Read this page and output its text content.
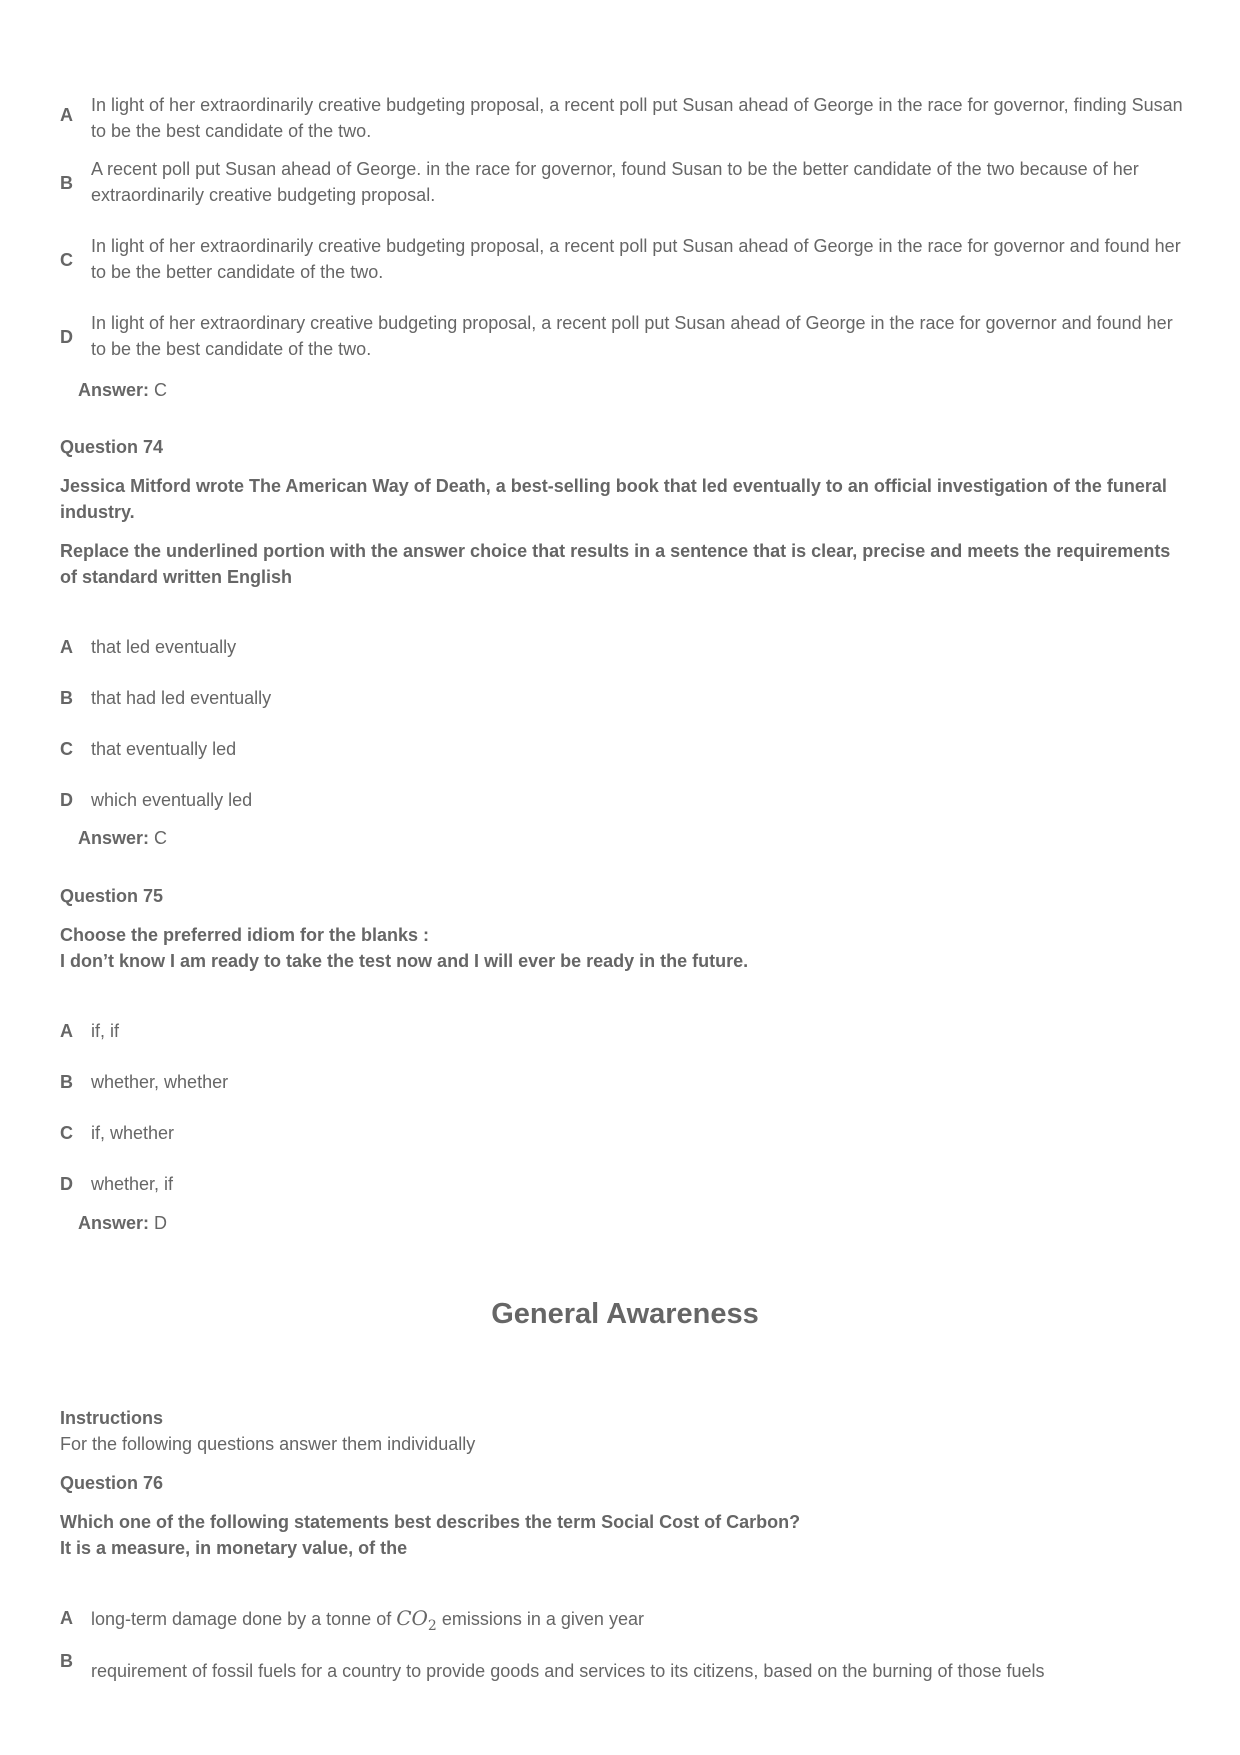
A	In light of her extraordinarily creative budgeting proposal, a recent poll put Susan ahead of George in the race for governor, finding Susan to be the best candidate of the two.
B
A recent poll put Susan ahead of George. in the race for governor, found Susan to be the better candidate of the two because of her extraordinarily creative budgeting proposal.
C
In light of her extraordinarily creative budgeting proposal, a recent poll put Susan ahead of George in the race for governor and found her to be the better candidate of the two.
D
In light of her extraordinary creative budgeting proposal, a recent poll put Susan ahead of George in the race for governor and found her to be the best candidate of the two.
Answer: C
Question 74
Jessica Mitford wrote The American Way of Death, a best-selling book that led eventually to an official investigation of the funeral industry.
Replace the underlined portion with the answer choice that results in a sentence that is clear, precise and meets the requirements of standard written English
A	that led eventually
B	that had led eventually
C	that eventually led
D	which eventually led
Answer: C
Question 75
Choose the preferred idiom for the blanks :
I don’t know I am ready to take the test now and I will ever be ready in the future.
A	if, if
B	whether, whether
C	if, whether
D	whether, if
Answer: D
General Awareness
Instructions
For the following questions answer them individually
Question 76
Which one of the following statements best describes the term Social Cost of Carbon?
It is a measure, in monetary value, of the
A	long-term damage done by a tonne of $CO_2$ emissions in a given year
B	requirement of fossil fuels for a country to provide goods and services to its citizens, based on the burning of those fuels
